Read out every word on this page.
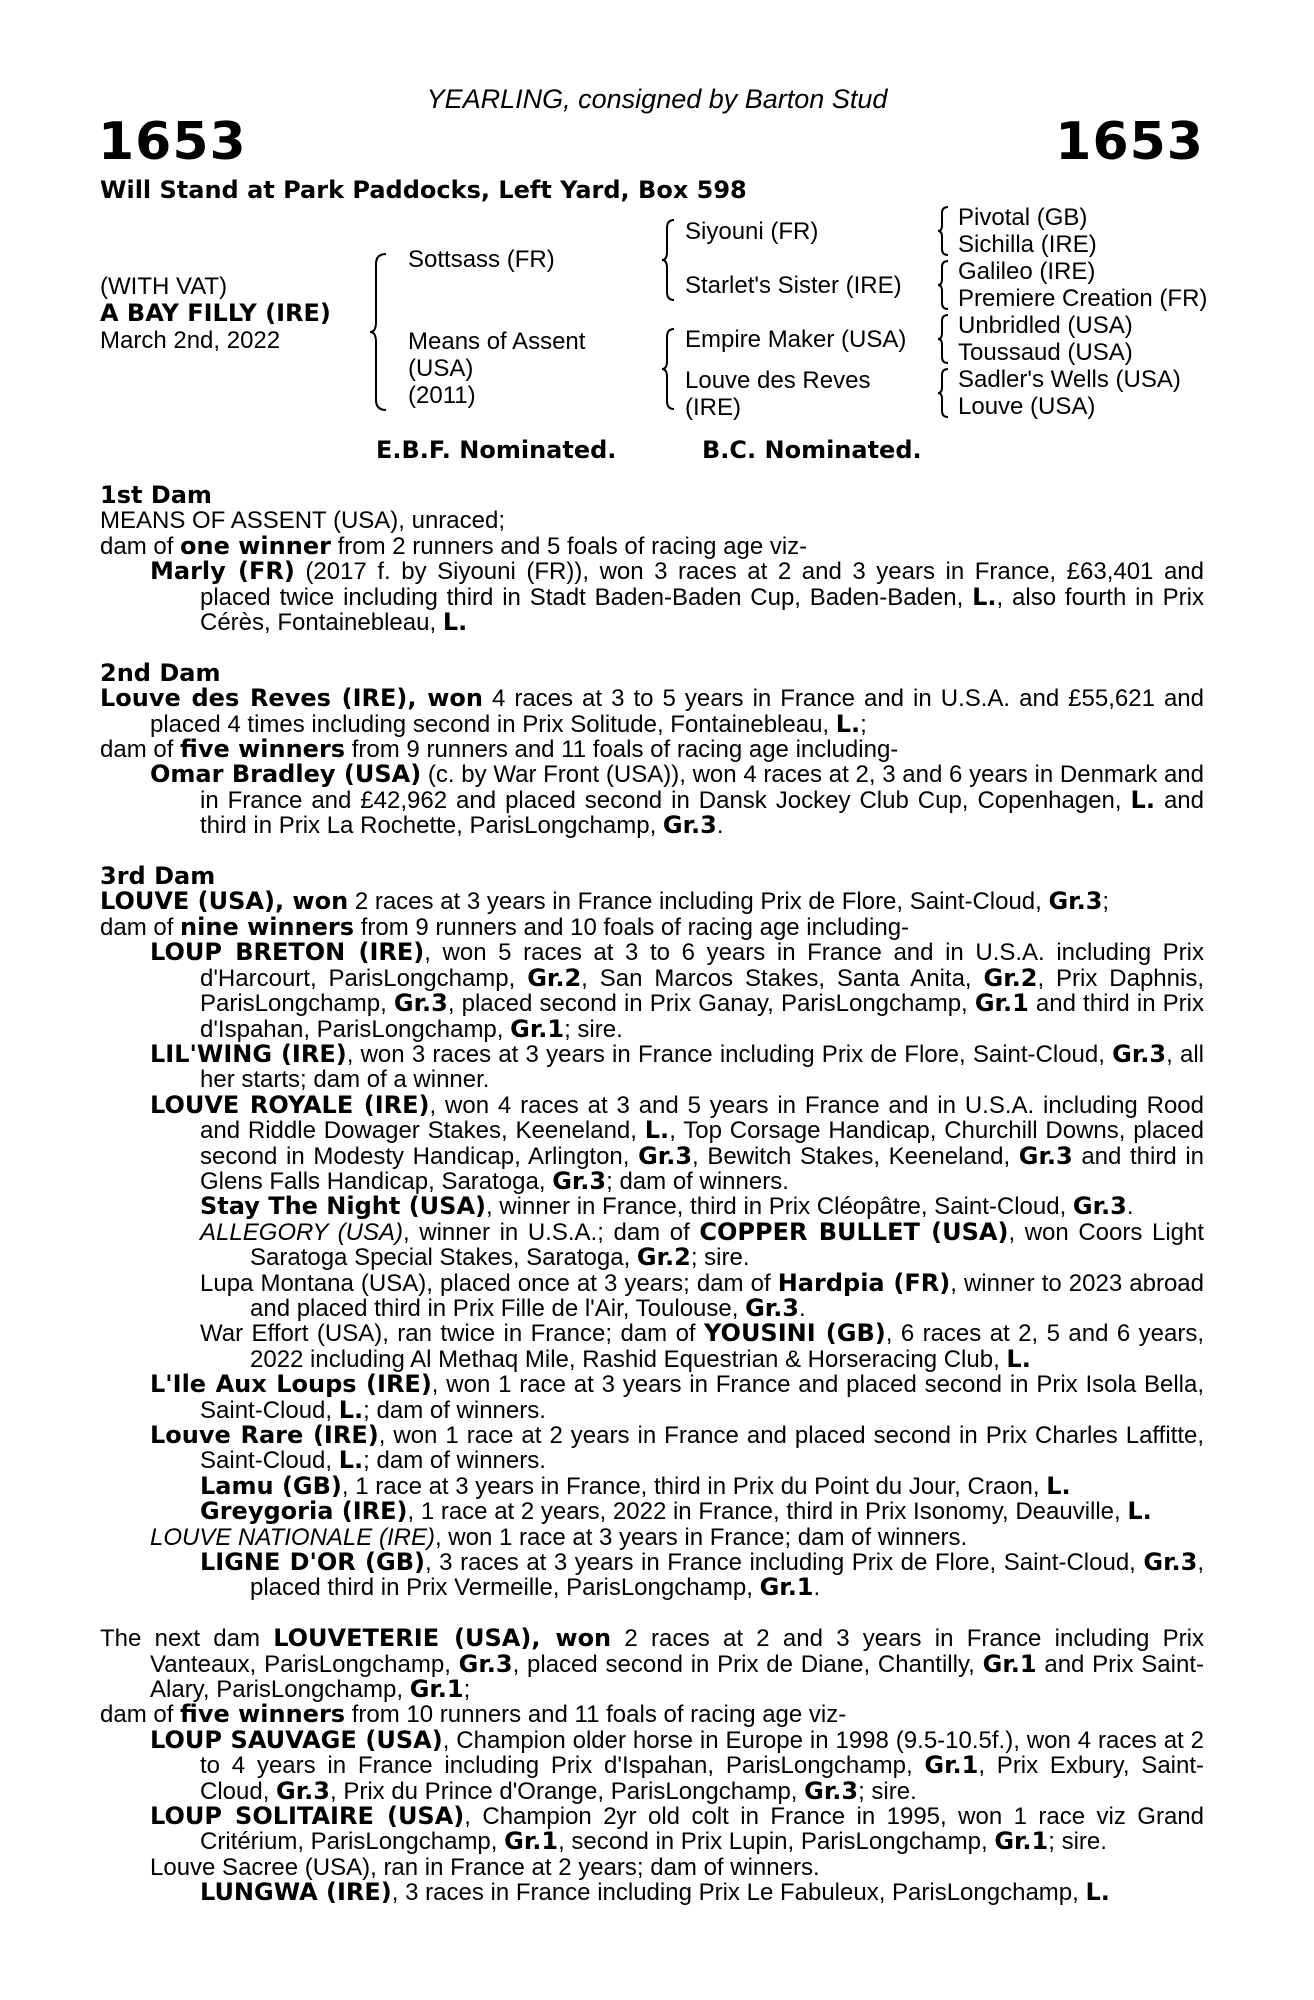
YEARLING, consigned by Barton Stud
1653	1653
Will Stand at Park Paddocks, Left Yard, Box 598
(WITH VAT)
A BAY FILLY (IRE)
March 2nd, 2022
Sottsass (FR)
Means of Assent
(USA)
(2011)
Siyouni (FR)
Starlet's Sister (IRE)
Empire Maker (USA)
Louve des Reves
(IRE)
Pivotal (GB)
Sichilla (IRE)
Galileo (IRE)
Premiere Creation (FR)
Unbridled (USA)
Toussaud (USA)
Sadler's Wells (USA)
Louve (USA)
E.B.F. Nominated.	B.C. Nominated.
1st Dam
MEANS OF ASSENT (USA), unraced;
dam of one winner from 2 runners and 5 foals of racing age viz-
Marly (FR) (2017 f. by Siyouni (FR)), won 3 races at 2 and 3 years in France, £63,401 and placed twice including third in Stadt Baden-Baden Cup, Baden-Baden, L., also fourth in Prix Cérès, Fontainebleau, L.
2nd Dam
Louve des Reves (IRE), won 4 races at 3 to 5 years in France and in U.S.A. and £55,621 and placed 4 times including second in Prix Solitude, Fontainebleau, L.;
dam of five winners from 9 runners and 11 foals of racing age including-
Omar Bradley (USA) (c. by War Front (USA)), won 4 races at 2, 3 and 6 years in Denmark and in France and £42,962 and placed second in Dansk Jockey Club Cup, Copenhagen, L. and third in Prix La Rochette, ParisLongchamp, Gr.3.
3rd Dam
LOUVE (USA), won 2 races at 3 years in France including Prix de Flore, Saint-Cloud, Gr.3;
dam of nine winners from 9 runners and 10 foals of racing age including-
LOUP BRETON (IRE), won 5 races at 3 to 6 years in France and in U.S.A. including Prix d'Harcourt, ParisLongchamp, Gr.2, San Marcos Stakes, Santa Anita, Gr.2, Prix Daphnis, ParisLongchamp, Gr.3, placed second in Prix Ganay, ParisLongchamp, Gr.1 and third in Prix d'Ispahan, ParisLongchamp, Gr.1; sire.
LIL'WING (IRE), won 3 races at 3 years in France including Prix de Flore, Saint-Cloud, Gr.3, all her starts; dam of a winner.
LOUVE ROYALE (IRE), won 4 races at 3 and 5 years in France and in U.S.A. including Rood and Riddle Dowager Stakes, Keeneland, L., Top Corsage Handicap, Churchill Downs, placed second in Modesty Handicap, Arlington, Gr.3, Bewitch Stakes, Keeneland, Gr.3 and third in Glens Falls Handicap, Saratoga, Gr.3; dam of winners.
Stay The Night (USA), winner in France, third in Prix Cléopâtre, Saint-Cloud, Gr.3.
ALLEGORY (USA), winner in U.S.A.; dam of COPPER BULLET (USA), won Coors Light Saratoga Special Stakes, Saratoga, Gr.2; sire.
Lupa Montana (USA), placed once at 3 years; dam of Hardpia (FR), winner to 2023 abroad and placed third in Prix Fille de l'Air, Toulouse, Gr.3.
War Effort (USA), ran twice in France; dam of YOUSINI (GB), 6 races at 2, 5 and 6 years, 2022 including Al Methaq Mile, Rashid Equestrian & Horseracing Club, L.
L'Ile Aux Loups (IRE), won 1 race at 3 years in France and placed second in Prix Isola Bella, Saint-Cloud, L.; dam of winners.
Louve Rare (IRE), won 1 race at 2 years in France and placed second in Prix Charles Laffitte, Saint-Cloud, L.; dam of winners.
Lamu (GB), 1 race at 3 years in France, third in Prix du Point du Jour, Craon, L.
Greygoria (IRE), 1 race at 2 years, 2022 in France, third in Prix Isonomy, Deauville, L.
LOUVE NATIONALE (IRE), won 1 race at 3 years in France; dam of winners.
LIGNE D'OR (GB), 3 races at 3 years in France including Prix de Flore, Saint-Cloud, Gr.3, placed third in Prix Vermeille, ParisLongchamp, Gr.1.
The next dam LOUVETERIE (USA), won 2 races at 2 and 3 years in France including Prix Vanteaux, ParisLongchamp, Gr.3, placed second in Prix de Diane, Chantilly, Gr.1 and Prix Saint-Alary, ParisLongchamp, Gr.1;
dam of five winners from 10 runners and 11 foals of racing age viz-
LOUP SAUVAGE (USA), Champion older horse in Europe in 1998 (9.5-10.5f.), won 4 races at 2 to 4 years in France including Prix d'Ispahan, ParisLongchamp, Gr.1, Prix Exbury, Saint-Cloud, Gr.3, Prix du Prince d'Orange, ParisLongchamp, Gr.3; sire.
LOUP SOLITAIRE (USA), Champion 2yr old colt in France in 1995, won 1 race viz Grand Critérium, ParisLongchamp, Gr.1, second in Prix Lupin, ParisLongchamp, Gr.1; sire.
Louve Sacree (USA), ran in France at 2 years; dam of winners.
LUNGWA (IRE), 3 races in France including Prix Le Fabuleux, ParisLongchamp, L.
